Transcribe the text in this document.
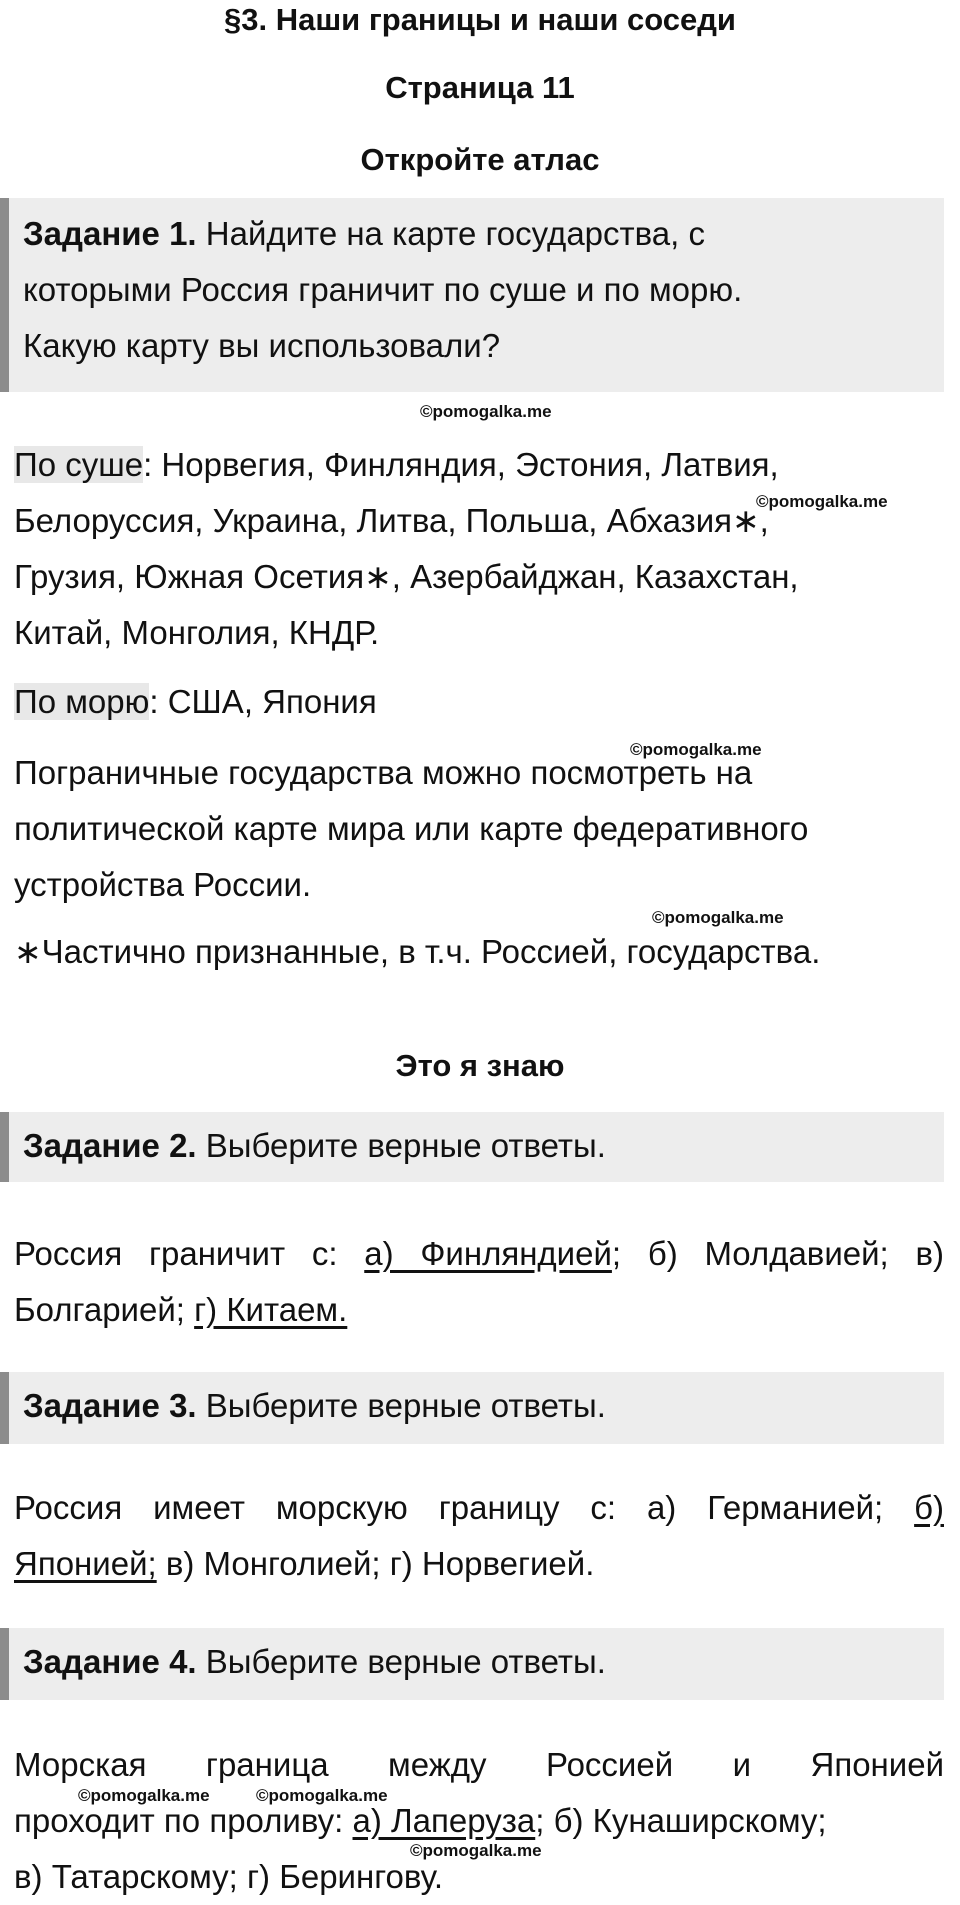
§3. Наши границы и наши соседи
Страница 11
Откройте атлас
Задание 1. Найдите на карте государства, с
которыми Россия граничит по суше и по морю.
Какую карту вы использовали?
©pomogalka.me
По суше: Норвегия, Финляндия, Эстония, Латвия,
Белоруссия, Украина, Литва, Польша, Абхазия∗,
Грузия, Южная Осетия∗, Азербайджан, Казахстан,
Китай, Монголия, КНДР.
©pomogalka.me
По морю: США, Япония
©pomogalka.me
Пограничные государства можно посмотреть на
политической карте мира или карте федеративного
устройства России.
©pomogalka.me
∗Частично признанные, в т.ч. Россией, государства.
Это я знаю
Задание 2. Выберите верные ответы.
Россия граничит с: а) Финляндией; б) Молдавией; в)
Болгарией; г) Китаем.
Задание 3. Выберите верные ответы.
Россия имеет морскую границу с: а) Германией; б)
Японией; в) Монголией; г) Норвегией.
Задание 4. Выберите верные ответы.
Морская граница между Россией и Японией
проходит по проливу: а) Лаперуза; б) Кунаширскому;
в) Татарскому; г) Берингову.
©pomogalka.me	©pomogalka.me
©pomogalka.me
